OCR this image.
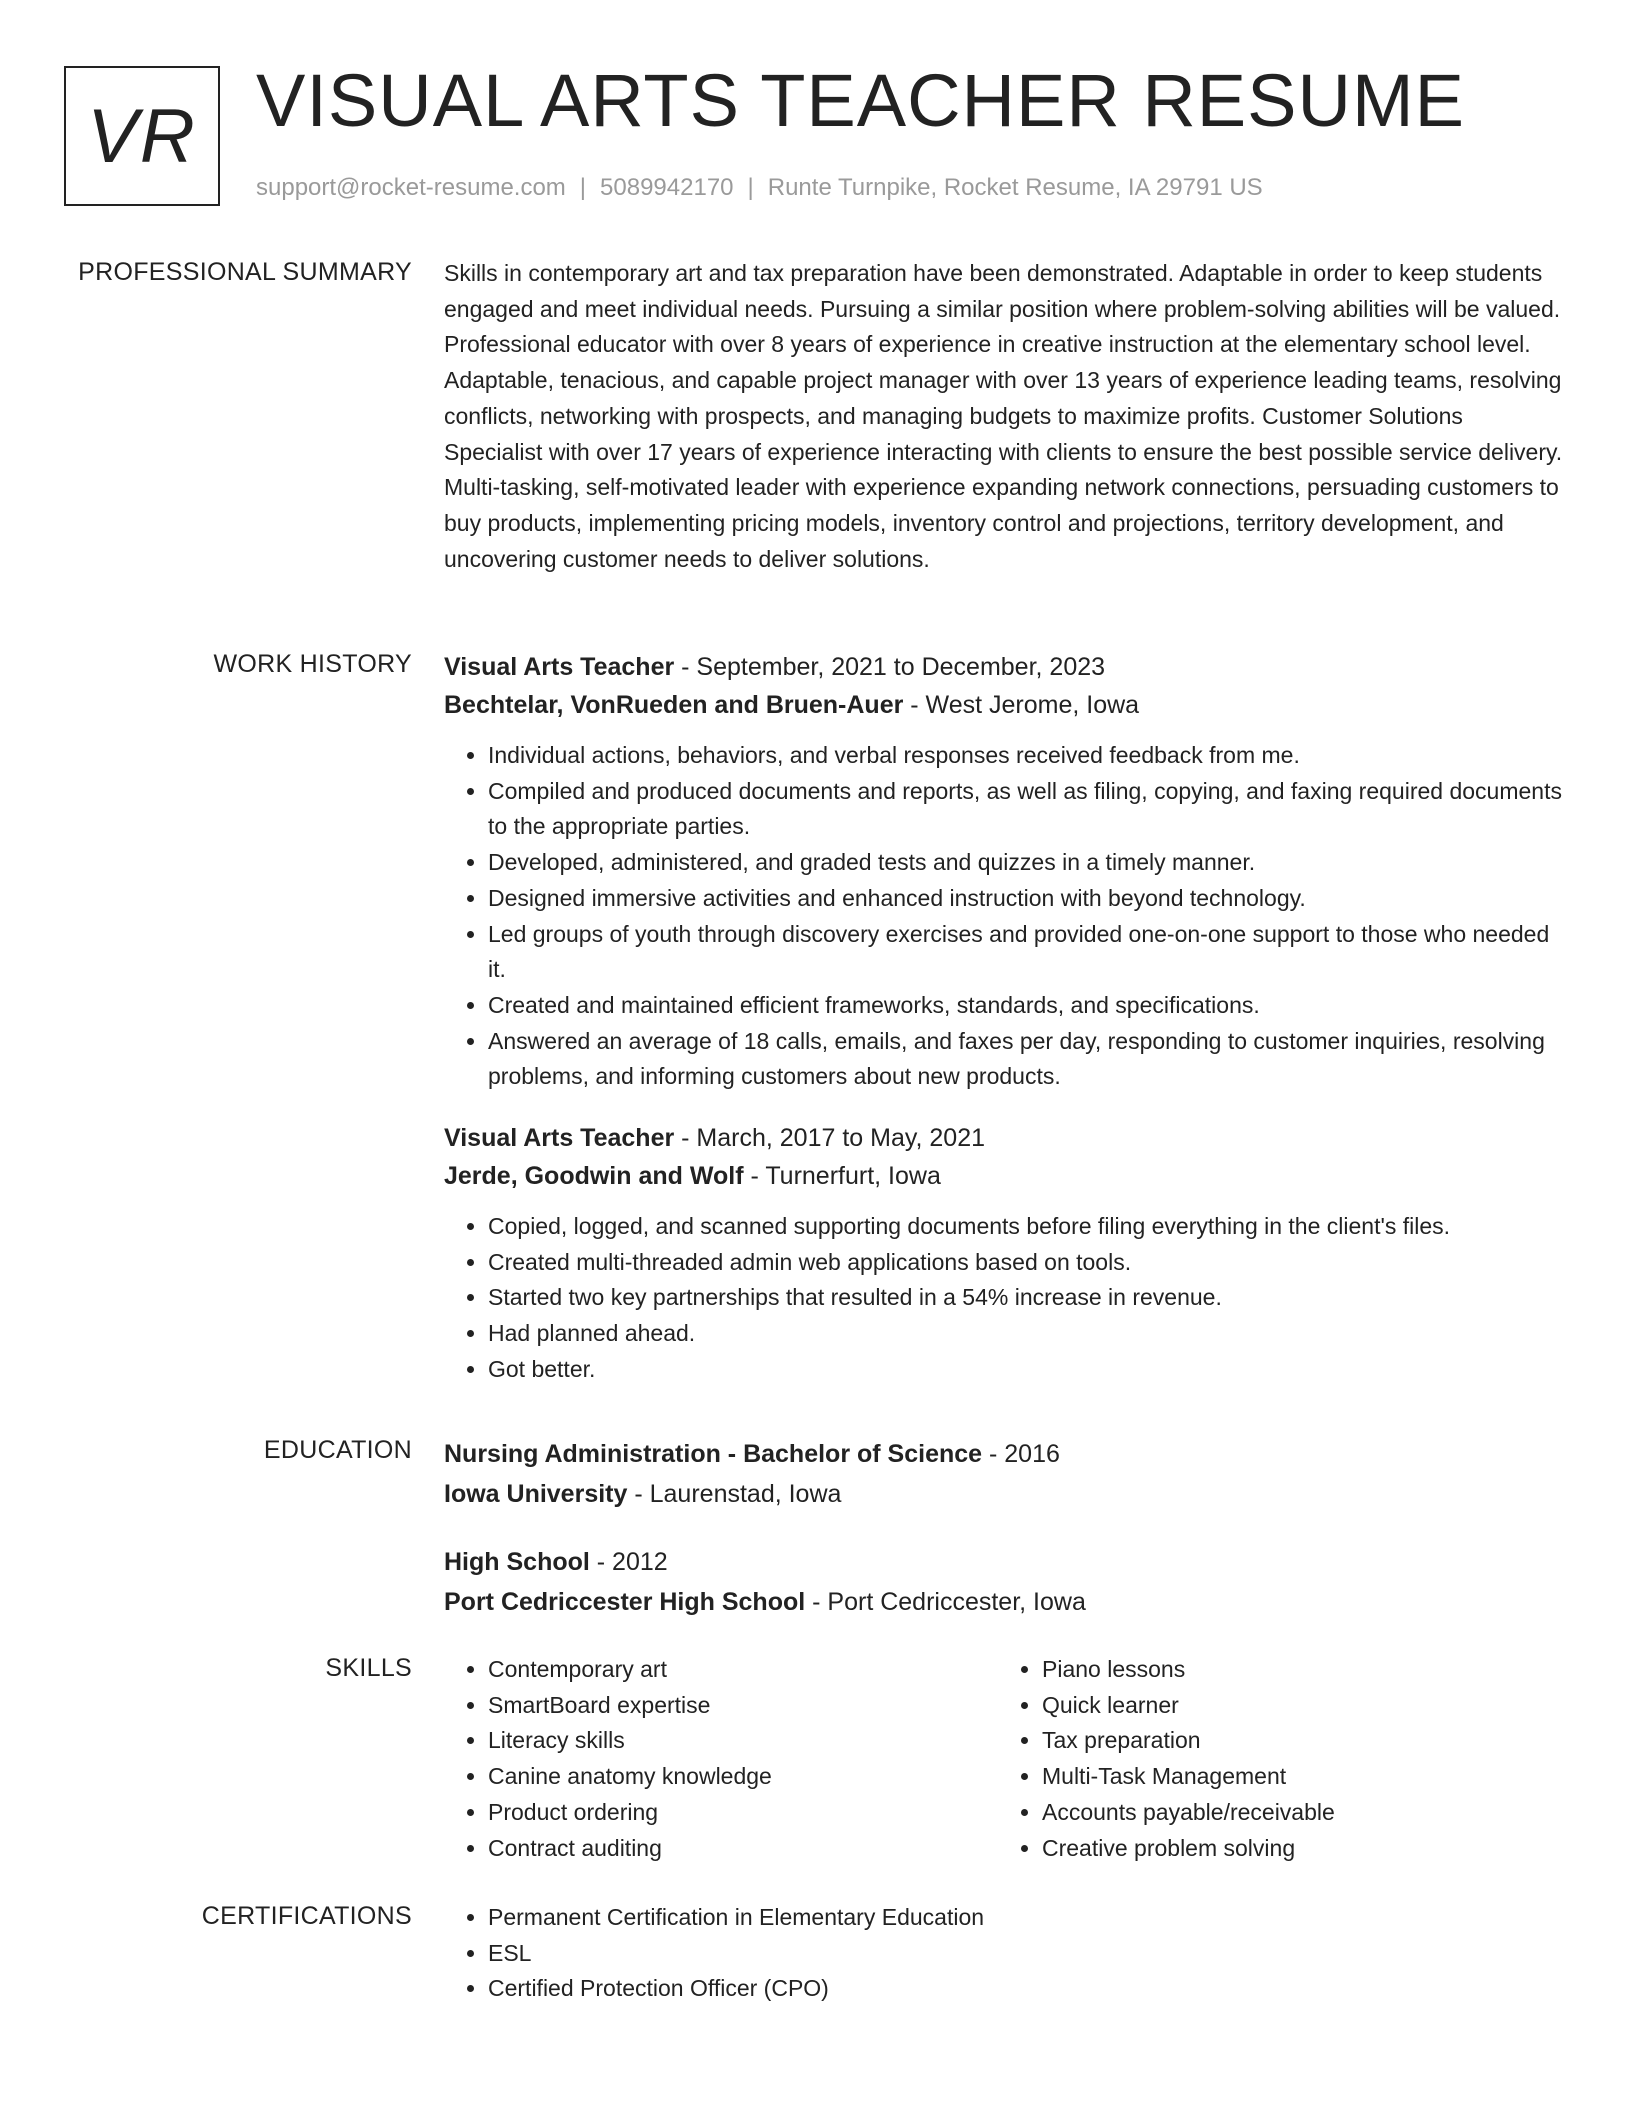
VR VISUAL ARTS TEACHER RESUME
support@rocket-resume.com | 5089942170 | Runte Turnpike, Rocket Resume, IA 29791 US
PROFESSIONAL SUMMARY Skills in contemporary art and tax preparation have been demonstrated. Adaptable in order to keep students engaged and meet individual needs. Pursuing a similar position where problem-solving abilities will be valued. Professional educator with over 8 years of experience in creative instruction at the elementary school level. Adaptable, tenacious, and capable project manager with over 13 years of experience leading teams, resolving conflicts, networking with prospects, and managing budgets to maximize profits. Customer Solutions Specialist with over 17 years of experience interacting with clients to ensure the best possible service delivery. Multi-tasking, self-motivated leader with experience expanding network connections, persuading customers to buy products, implementing pricing models, inventory control and projections, territory development, and uncovering customer needs to deliver solutions.

WORK HISTORY Visual Arts Teacher - September, 2021 to December, 2023
Bechtelar, VonRueden and Bruen-Auer - West Jerome, Iowa
• Individual actions, behaviors, and verbal responses received feedback from me.
• Compiled and produced documents and reports, as well as filing, copying, and faxing required documents to the appropriate parties.
• Developed, administered, and graded tests and quizzes in a timely manner.
• Designed immersive activities and enhanced instruction with beyond technology.
• Led groups of youth through discovery exercises and provided one-on-one support to those who needed it.
• Created and maintained efficient frameworks, standards, and specifications.
• Answered an average of 18 calls, emails, and faxes per day, responding to customer inquiries, resolving problems, and informing customers about new products.
Visual Arts Teacher - March, 2017 to May, 2021
Jerde, Goodwin and Wolf - Turnerfurt, Iowa
• Copied, logged, and scanned supporting documents before filing everything in the client's files.
• Created multi-threaded admin web applications based on tools.
• Started two key partnerships that resulted in a 54% increase in revenue.
• Had planned ahead.
• Got better.
EDUCATION Nursing Administration - Bachelor of Science - 2016
Iowa University - Laurenstad, Iowa
High School - 2012
Port Cedriccester High School - Port Cedriccester, Iowa
SKILLS	• Contemporary art
• SmartBoard expertise
• Literacy skills
• Canine anatomy knowledge
• Product ordering
• Contract auditing
• Piano lessons
• Quick learner
• Tax preparation
• Multi-Task Management
• Accounts payable/receivable
• Creative problem solving
CERTIFICATIONS	• Permanent Certification in Elementary Education
• ESL
• Certified Protection Officer (CPO)
